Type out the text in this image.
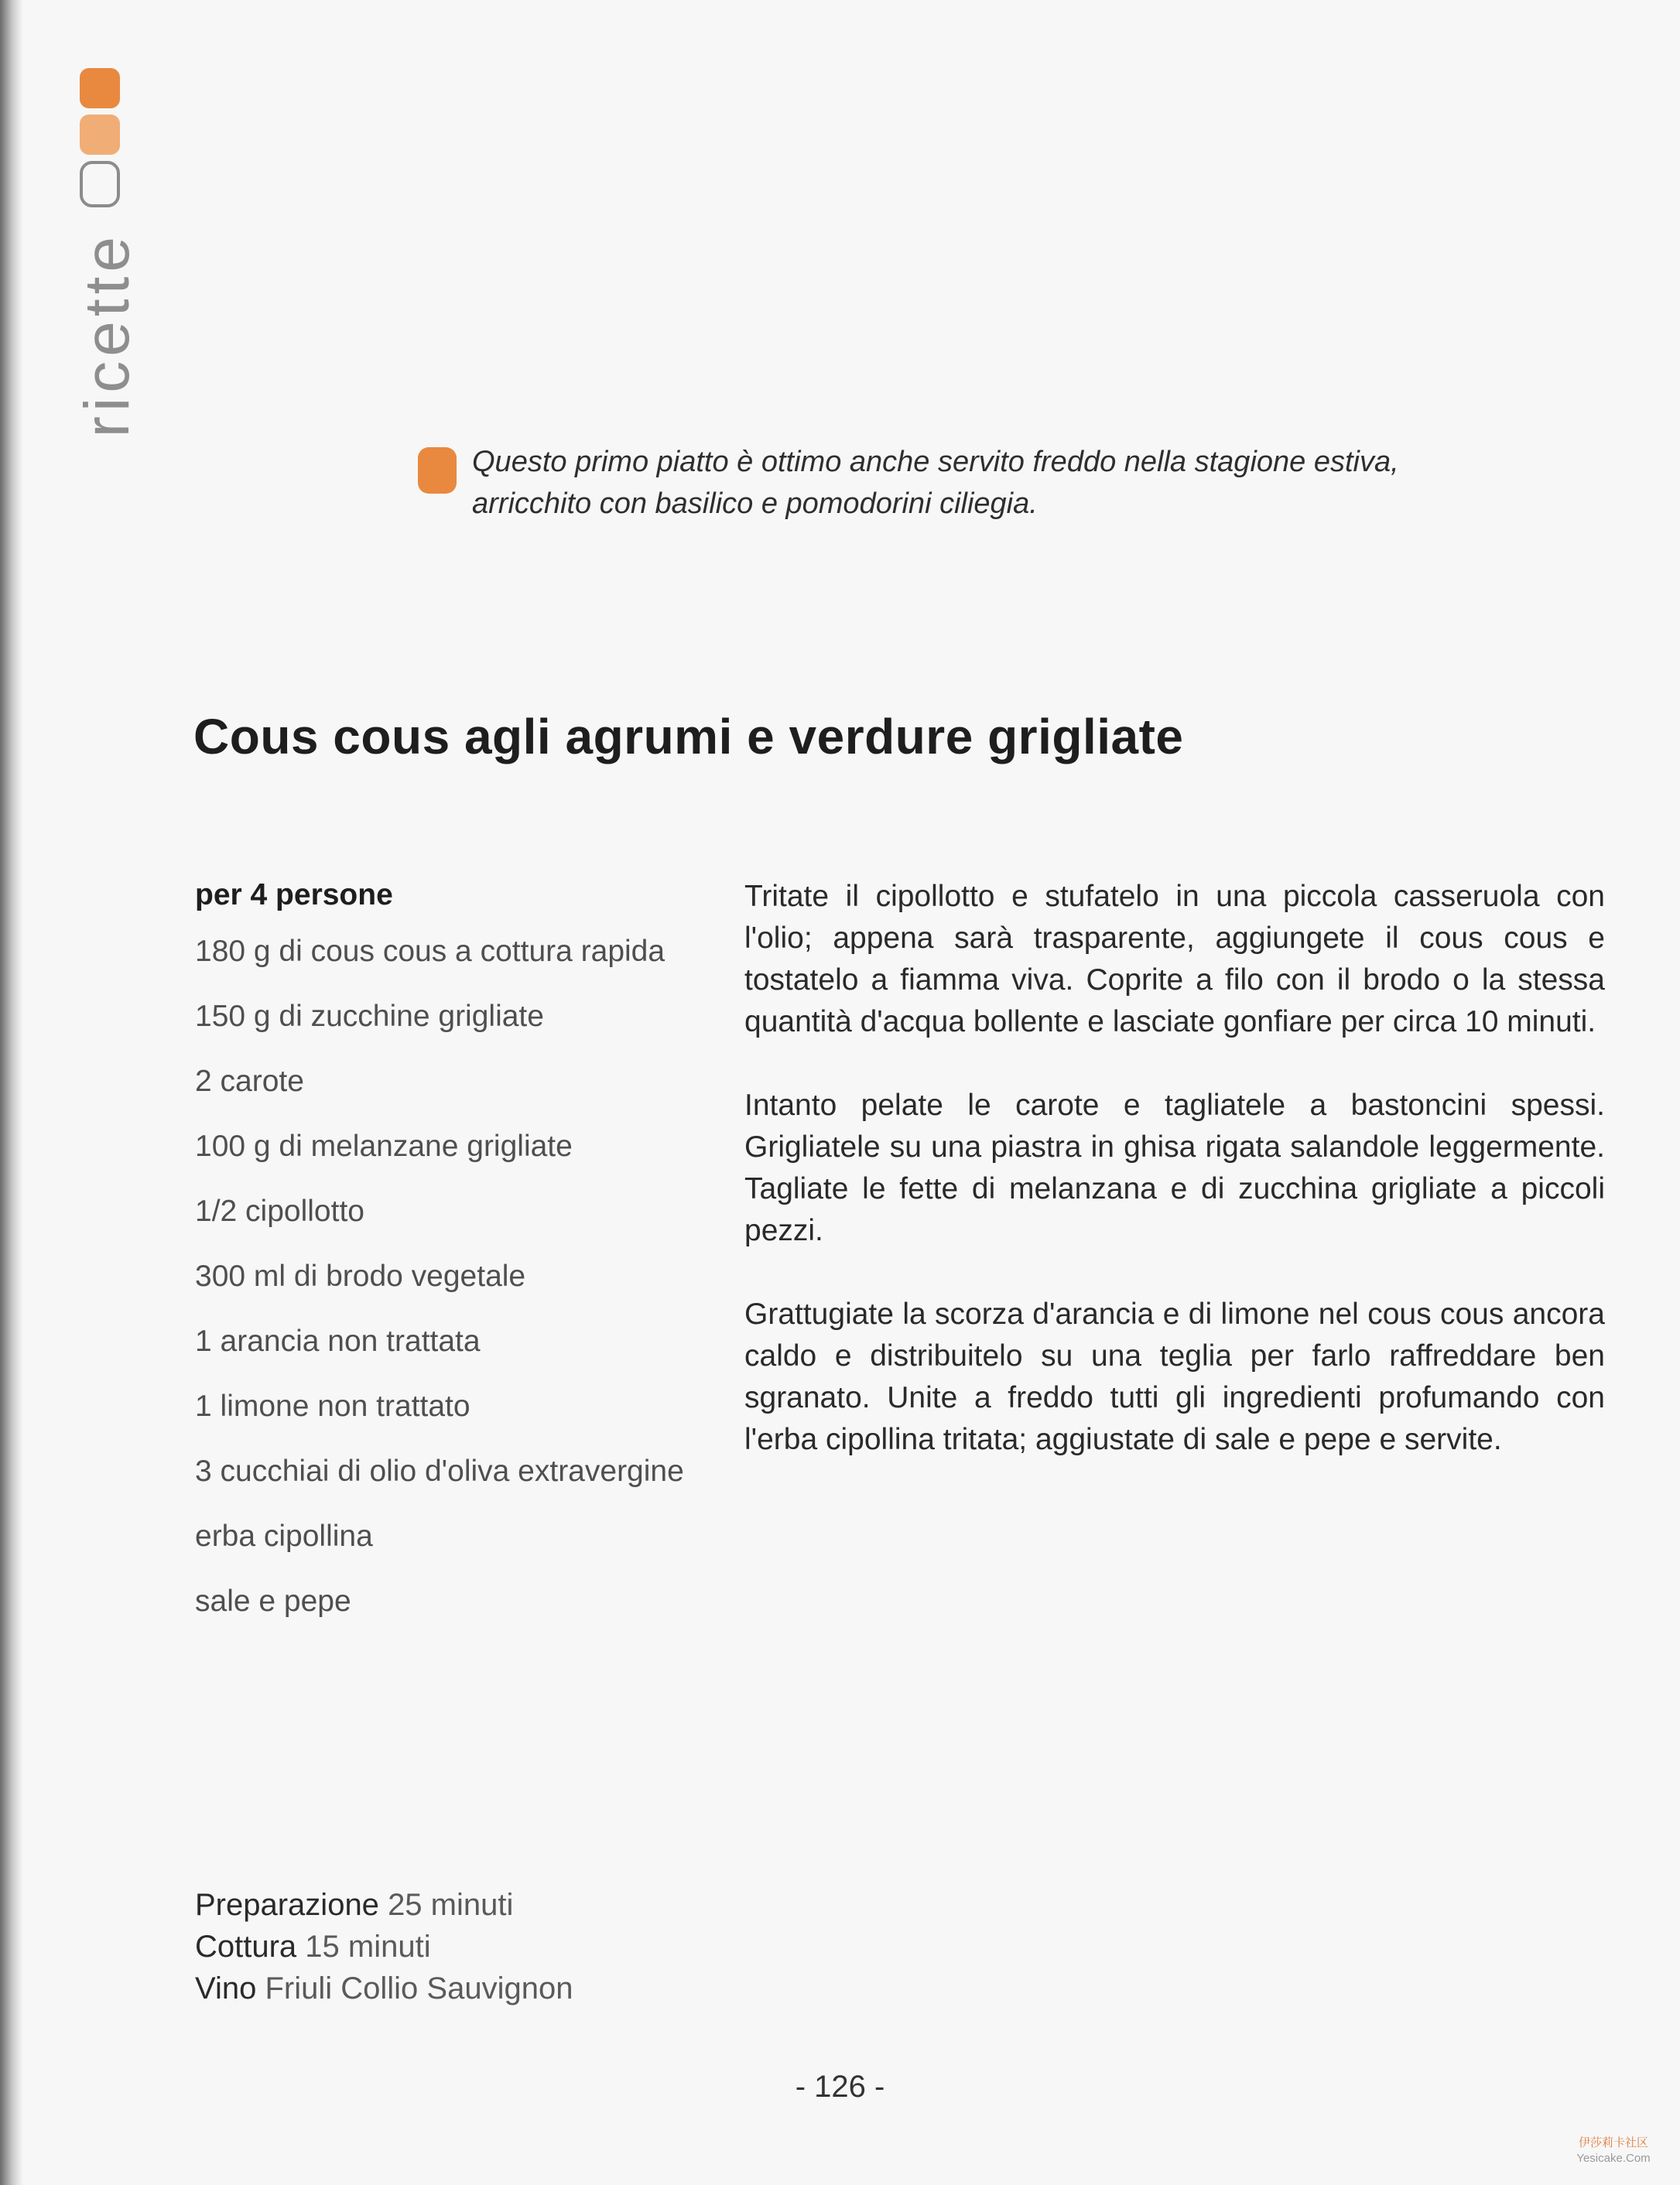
ricette
Questo primo piatto è ottimo anche servito freddo nella stagione estiva, arricchito con basilico e pomodorini ciliegia.
Cous cous agli agrumi e verdure grigliate
per 4 persone
180 g di cous cous a cottura rapida
150 g di zucchine grigliate
2 carote
100 g di melanzane grigliate
1/2 cipollotto
300 ml di brodo vegetale
1 arancia non trattata
1 limone non trattato
3 cucchiai di olio d'oliva extravergine
erba cipollina
sale e pepe

Tritate il cipollotto e stufatelo in una piccola casseruola con l'olio; appena sarà trasparente, aggiungete il cous cous e tostatelo a fiamma viva. Coprite a filo con il brodo o la stessa quantità d'acqua bollente e lasciate gonfiare per circa 10 minuti.

Intanto pelate le carote e tagliatele a bastoncini spessi. Grigliatele su una piastra in ghisa rigata salandole leggermente. Tagliate le fette di melanzana e di zucchina grigliate a piccoli pezzi.

Grattugiate la scorza d'arancia e di limone nel cous cous ancora caldo e distribuitelo su una teglia per farlo raffreddare ben sgranato. Unite a freddo tutti gli ingredienti profumando con l'erba cipollina tritata; aggiustate di sale e pepe e servite.

Preparazione 25 minuti
Cottura 15 minuti
Vino Friuli Collio Sauvignon
- 126 -
伊莎莉卡社区
Yesicake.Com
